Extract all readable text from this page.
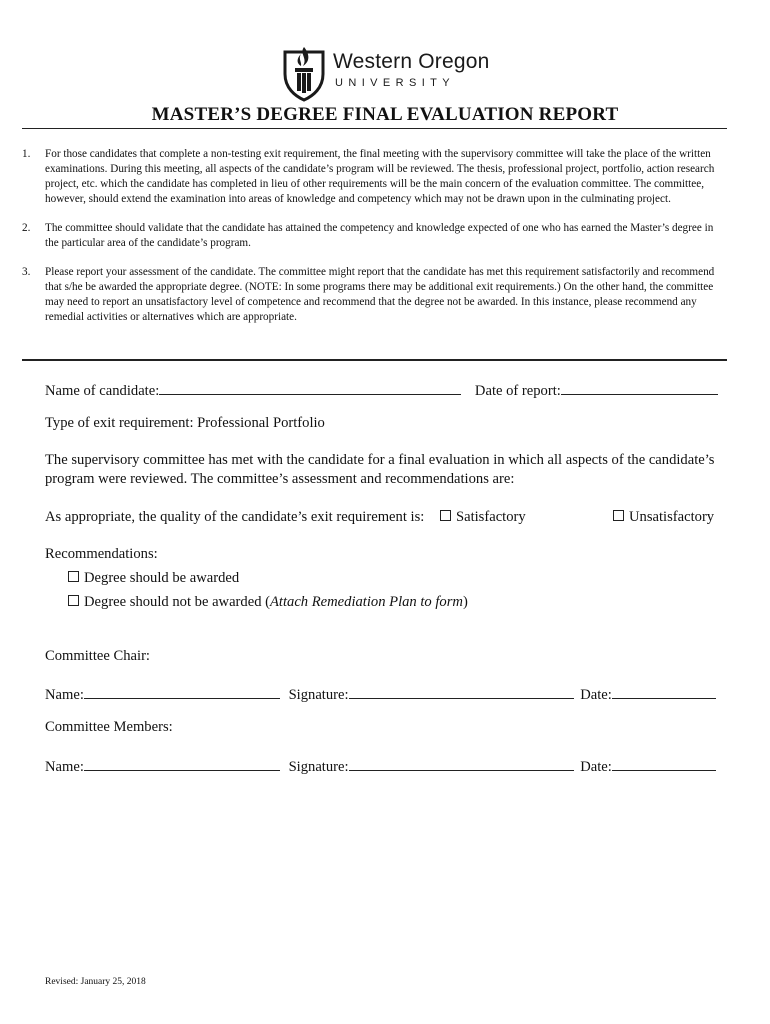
Western Oregon
UNIVERSITY
MASTER’S DEGREE FINAL EVALUATION REPORT
1. For those candidates that complete a non-testing exit requirement, the final meeting with the supervisory committee will take the place of the written examinations. During this meeting, all aspects of the candidate’s program will be reviewed. The thesis, professional project, portfolio, action research project, etc. which the candidate has completed in lieu of other requirements will be the main concern of the evaluation committee. The committee, however, should extend the examination into areas of knowledge and competency which may not be drawn upon in the culminating project.
2. The committee should validate that the candidate has attained the competency and knowledge expected of one who has earned the Master’s degree in the particular area of the candidate’s program.
3. Please report your assessment of the candidate. The committee might report that the candidate has met this requirement satisfactorily and recommend that s/he be awarded the appropriate degree. (NOTE: In some programs there may be additional exit requirements.) On the other hand, the committee may need to report an unsatisfactory level of competence and recommend that the degree not be awarded. In this instance, please recommend any remedial activities or alternatives which are appropriate.
Name of candidate:	Date of report:
Type of exit requirement: Professional Portfolio
The supervisory committee has met with the candidate for a final evaluation in which all aspects of the candidate’s program were reviewed. The committee’s assessment and recommendations are:
As appropriate, the quality of the candidate’s exit requirement is: Satisfactory	Unsatisfactory
Recommendations:
Degree should be awarded
Degree should not be awarded (Attach Remediation Plan to form)
Committee Chair:
Name:	Signature:	Date:
Committee Members:
Name:	Signature:	Date:
Revised: January 25, 2018
